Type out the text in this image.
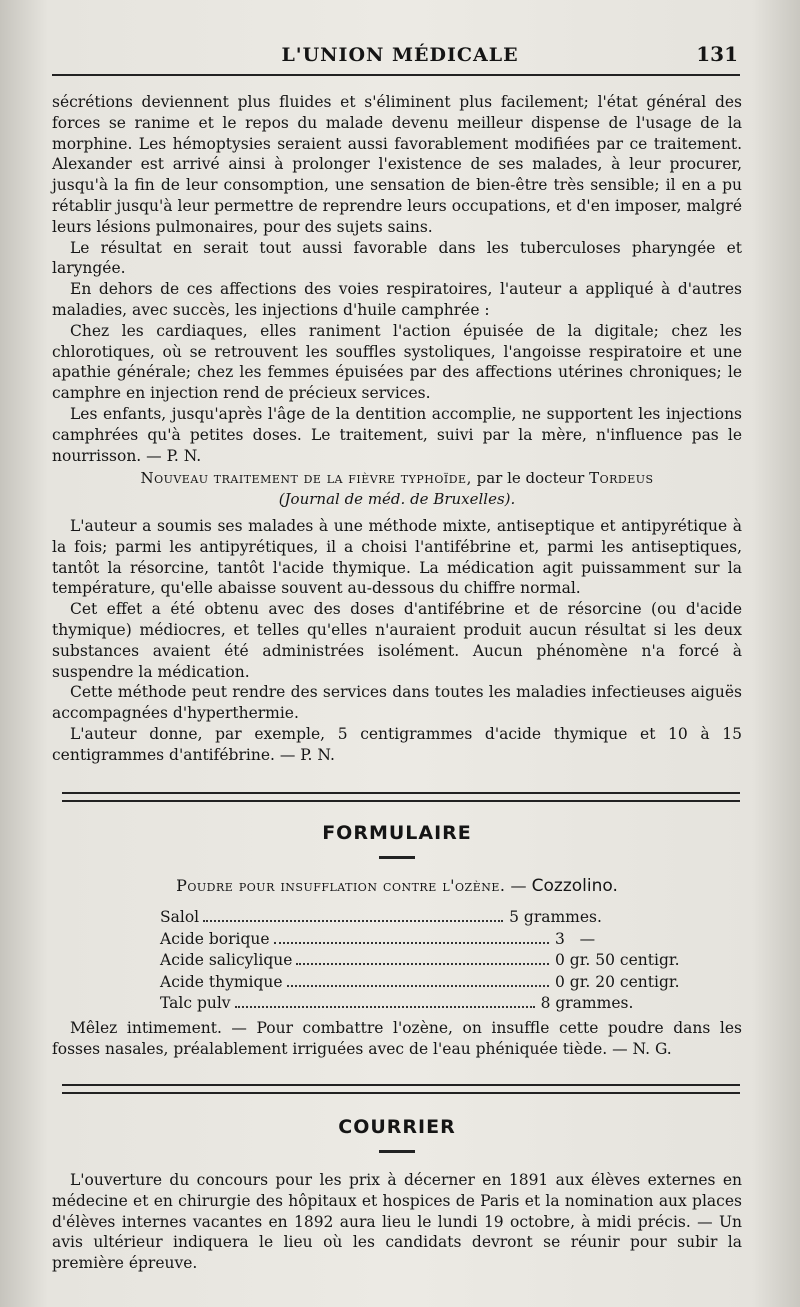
L'UNION MÉDICALE	131

sécrétions deviennent plus fluides et s'éliminent plus facilement; l'état général des forces se ranime et le repos du malade devenu meilleur dispense de l'usage de la morphine. Les hémoptysies seraient aussi favorablement modifiées par ce traitement. Alexander est arrivé ainsi à prolonger l'existence de ses malades, à leur procurer, jusqu'à la fin de leur consomption, une sensation de bien-être très sensible; il en a pu rétablir jusqu'à leur permettre de reprendre leurs occupations, et d'en imposer, malgré leurs lésions pulmonaires, pour des sujets sains.

Le résultat en serait tout aussi favorable dans les tuberculoses pharyngée et laryngée.

En dehors de ces affections des voies respiratoires, l'auteur a appliqué à d'autres maladies, avec succès, les injections d'huile camphrée :

Chez les cardiaques, elles raniment l'action épuisée de la digitale; chez les chlorotiques, où se retrouvent les souffles systoliques, l'angoisse respiratoire et une apathie générale; chez les femmes épuisées par des affections utérines chroniques; le camphre en injection rend de précieux services.

Les enfants, jusqu'après l'âge de la dentition accomplie, ne supportent les injections camphrées qu'à petites doses. Le traitement, suivi par la mère, n'influence pas le nourrisson. — P. N.

Nouveau traitement de la fièvre typhoïde, par le docteur Tordeus
(Journal de méd. de Bruxelles).

L'auteur a soumis ses malades à une méthode mixte, antiseptique et antipyrétique à la fois; parmi les antipyrétiques, il a choisi l'antifébrine et, parmi les antiseptiques, tantôt la résorcine, tantôt l'acide thymique. La médication agit puissamment sur la température, qu'elle abaisse souvent au-dessous du chiffre normal.

Cet effet a été obtenu avec des doses d'antifébrine et de résorcine (ou d'acide thymique) médiocres, et telles qu'elles n'auraient produit aucun résultat si les deux substances avaient été administrées isolément. Aucun phénomène n'a forcé à suspendre la médication.

Cette méthode peut rendre des services dans toutes les maladies infectieuses aiguës accompagnées d'hyperthermie.

L'auteur donne, par exemple, 5 centigrammes d'acide thymique et 10 à 15 centigrammes d'antifébrine. — P. N.

FORMULAIRE
Poudre pour insufflation contre l'ozène. — Cozzolino.
Salol	5 grammes.
Acide borique	3   —
Acide salicylique	0 gr. 50 centigr.
Acide thymique	0 gr. 20 centigr.
Talc pulv	8 grammes.

Mêlez intimement. — Pour combattre l'ozène, on insuffle cette poudre dans les fosses nasales, préalablement irriguées avec de l'eau phéniquée tiède. — N. G.

COURRIER

L'ouverture du concours pour les prix à décerner en 1891 aux élèves externes en médecine et en chirurgie des hôpitaux et hospices de Paris et la nomination aux places d'élèves internes vacantes en 1892 aura lieu le lundi 19 octobre, à midi précis. — Un avis ultérieur indiquera le lieu où les candidats devront se réunir pour subir la première épreuve.
